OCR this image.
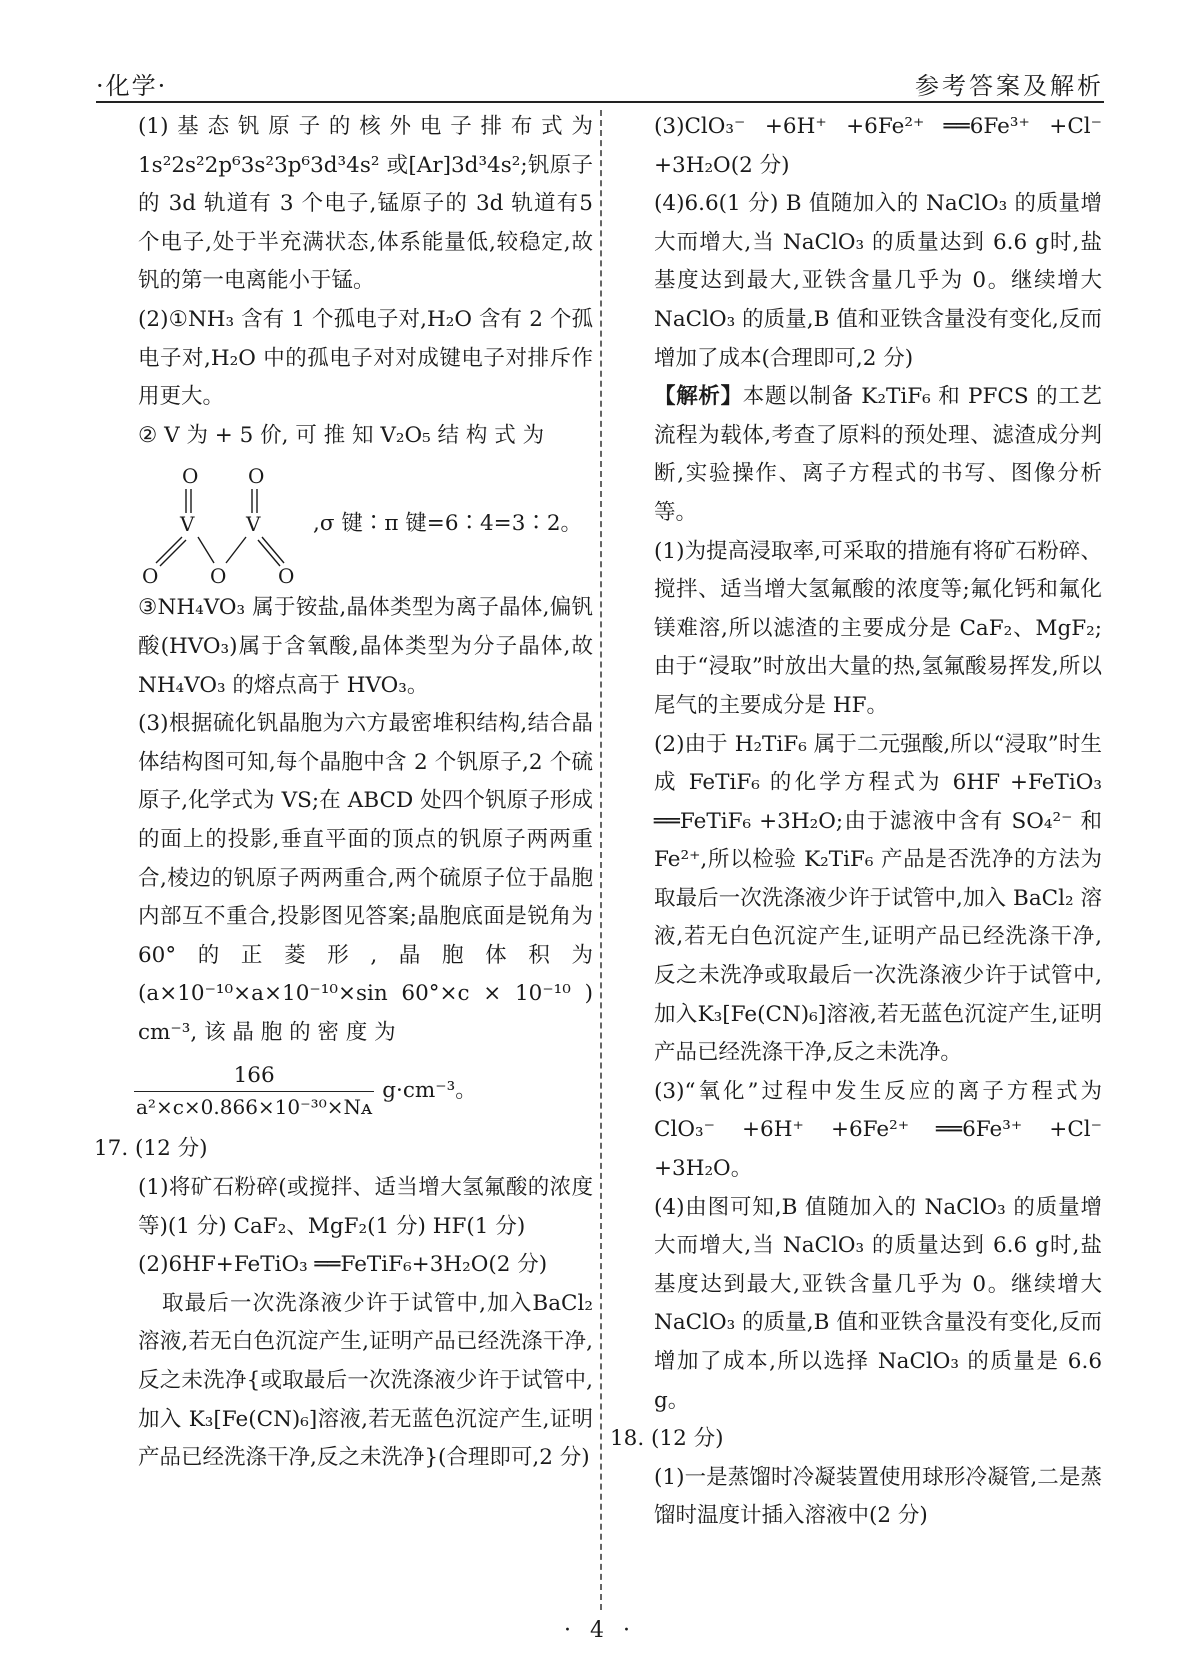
·化学·	参考答案及解析

(1)基态钒原子的核外电子排布式为1s²2s²2p⁶3s²3p⁶3d³4s² 或[Ar]3d³4s²;钒原子的 3d 轨道有 3 个电子,锰原子的 3d 轨道有5 个电子,处于半充满状态,体系能量低,较稳定,故钒的第一电离能小于锰。

(2)①NH₃ 含有 1 个孤电子对,H₂O 含有 2 个孤电子对,H₂O 中的孤电子对对成键电子对排斥作用更大。

② V 为 + 5 价, 可 推 知 V₂O₅ 结 构 式 为

O O
V	V
O	O	O
,σ 键∶π 键=6∶4=3∶2。

③NH₄VO₃ 属于铵盐,晶体类型为离子晶体,偏钒酸(HVO₃)属于含氧酸,晶体类型为分子晶体,故 NH₄VO₃ 的熔点高于 HVO₃。

(3)根据硫化钒晶胞为六方最密堆积结构,结合晶体结构图可知,每个晶胞中含 2 个钒原子,2 个硫原子,化学式为 VS;在 ABCD 处四个钒原子形成的面上的投影,垂直平面的顶点的钒原子两两重合,棱边的钒原子两两重合,两个硫原子位于晶胞内部互不重合,投影图见答案;晶胞底面是锐角为 60°的正菱形,晶胞体积为(a×10⁻¹⁰×a×10⁻¹⁰×sin 60°×c × 10⁻¹⁰ ) cm⁻³, 该 晶 胞 的 密 度 为

$\frac{166}{\text{a²×c×0.866×10⁻³⁰×Nᴀ}} g\cdot cm^{-3}$。

17. (12 分)

(1)将矿石粉碎(或搅拌、适当增大氢氟酸的浓度等)(1 分) CaF₂、MgF₂(1 分) HF(1 分)

(2)6HF+FeTiO₃ ══FeTiF₆+3H₂O(2 分)

取最后一次洗涤液少许于试管中,加入BaCl₂ 溶液,若无白色沉淀产生,证明产品已经洗涤干净,反之未洗净{或取最后一次洗涤液少许于试管中,加入 K₃[Fe(CN)₆]溶液,若无蓝色沉淀产生,证明产品已经洗涤干净,反之未洗净}(合理即可,2 分)

(3)ClO₃⁻ +6H⁺ +6Fe²⁺ ══6Fe³⁺ +Cl⁻ +3H₂O(2 分)

(4)6.6(1 分) B 值随加入的 NaClO₃ 的质量增大而增大,当 NaClO₃ 的质量达到 6.6 g时,盐基度达到最大,亚铁含量几乎为 0。继续增大 NaClO₃ 的质量,B 值和亚铁含量没有变化,反而增加了成本(合理即可,2 分)

【解析】本题以制备 K₂TiF₆ 和 PFCS 的工艺流程为载体,考查了原料的预处理、滤渣成分判断,实验操作、离子方程式的书写、图像分析等。

(1)为提高浸取率,可采取的措施有将矿石粉碎、搅拌、适当增大氢氟酸的浓度等;氟化钙和氟化镁难溶,所以滤渣的主要成分是 CaF₂、MgF₂;由于“浸取”时放出大量的热,氢氟酸易挥发,所以尾气的主要成分是 HF。

(2)由于 H₂TiF₆ 属于二元强酸,所以“浸取”时生成 FeTiF₆ 的化学方程式为 6HF +FeTiO₃ ══FeTiF₆ +3H₂O;由于滤液中含有 SO₄²⁻ 和 Fe²⁺,所以检验 K₂TiF₆ 产品是否洗净的方法为取最后一次洗涤液少许于试管中,加入 BaCl₂ 溶液,若无白色沉淀产生,证明产品已经洗涤干净,反之未洗净或取最后一次洗涤液少许于试管中,加入K₃[Fe(CN)₆]溶液,若无蓝色沉淀产生,证明产品已经洗涤干净,反之未洗净。

(3)“氧化”过程中发生反应的离子方程式为ClO₃⁻ +6H⁺ +6Fe²⁺ ══6Fe³⁺ +Cl⁻ +3H₂O。

(4)由图可知,B 值随加入的 NaClO₃ 的质量增大而增大,当 NaClO₃ 的质量达到 6.6 g时,盐基度达到最大,亚铁含量几乎为 0。继续增大 NaClO₃ 的质量,B 值和亚铁含量没有变化,反而增加了成本,所以选择 NaClO₃ 的质量是 6.6 g。

18. (12 分)

(1)一是蒸馏时冷凝装置使用球形冷凝管,二是蒸馏时温度计插入溶液中(2 分)

· 4 ·
